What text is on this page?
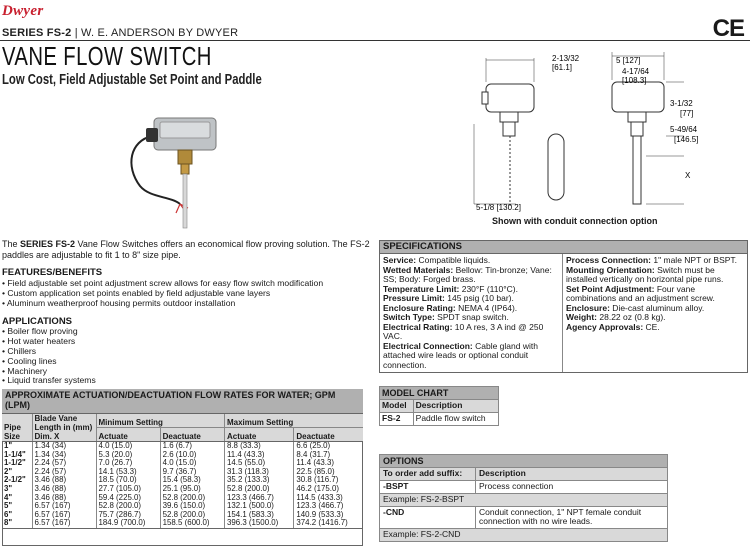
Dwyer
SERIES FS-2 | W. E. ANDERSON BY DWYER	CE
VANE FLOW SWITCH
Low Cost, Field Adjustable Set Point and Paddle
2-13/32
[61.1]
5-1/8 [130.2]
5 [127]
4-17/64
[108.3]
3-1/32
[77]
5-49/64
[146.5]
X
Shown with conduit connection option

The SERIES FS-2 Vane Flow Switches offers an economical flow proving solution. The FS-2 paddles are adjustable to fit 1 to 8" size pipe.

FEATURES/BENEFITS
• Field adjustable set point adjustment screw allows for easy flow switch modification
• Custom application set points enabled by field adjustable vane layers
• Aluminum weatherproof housing permits outdoor installation
APPLICATIONS
• Boiler flow proving
• Hot water heaters
• Chillers
• Cooling lines
• Machinery
• Liquid transfer systems
APPROXIMATE ACTUATION/DEACTUATION FLOW RATES FOR WATER; GPM (LPM)					
Pipe Size	Blade Vane Length in (mm) Dim. X	Minimum Setting		Maximum Setting	
		Actuate	Deactuate	Actuate	Deactuate
1"	1.34 (34)	4.0 (15.0)	1.6 (6.7)	8.8 (33.3)	6.6 (25.0)
1-1/4"	1.34 (34)	5.3 (20.0)	2.6 (10.0)	11.4 (43.3)	8.4 (31.7)
1-1/2"	2.24 (57)	7.0 (26.7)	4.0 (15.0)	14.5 (55.0)	11.4 (43.3)
2"	2.24 (57)	14.1 (53.3)	9.7 (36.7)	31.3 (118.3)	22.5 (85.0)
2-1/2"	3.46 (88)	18.5 (70.0)	15.4 (58.3)	35.2 (133.3)	30.8 (116.7)
3"	3.46 (88)	27.7 (105.0)	25.1 (95.0)	52.8 (200.0)	46.2 (175.0)
4"	3.46 (88)	59.4 (225.0)	52.8 (200.0)	123.3 (466.7)	114.5 (433.3)
5"	6.57 (167)	52.8 (200.0)	39.6 (150.0)	132.1 (500.0)	123.3 (466.7)
6"	6.57 (167)	75.7 (286.7)	52.8 (200.0)	154.1 (583.3)	140.9 (533.3)
8"	6.57 (167)	184.9 (700.0)	158.5 (600.0)	396.3 (1500.0)	374.2 (1416.7)
SPECIFICATIONS

Service: Compatible liquids.

Wetted Materials: Bellow: Tin-bronze; Vane: SS; Body: Forged brass.

Temperature Limit: 230°F (110°C).

Pressure Limit: 145 psig (10 bar).

Enclosure Rating: NEMA 4 (IP64).

Switch Type: SPDT snap switch.

Electrical Rating: 10 A res, 3 A ind @ 250 VAC.

Electrical Connection: Cable gland with attached wire leads or optional conduit connection.

Process Connection: 1" male NPT or BSPT.

Mounting Orientation: Switch must be installed vertically on horizontal pipe runs.

Set Point Adjustment: Four vane combinations and an adjustment screw.

Enclosure: Die-cast aluminum alloy.

Weight: 28.22 oz (0.8 kg).

Agency Approvals: CE.

MODEL CHART	
Model	Description
FS-2	Paddle flow switch
OPTIONS	
To order add suffix:	Description
-BSPT	Process connection
Example: FS-2-BSPT	
-CND	Conduit connection, 1" NPT female conduit connection with no wire leads.
Example: FS-2-CND	
